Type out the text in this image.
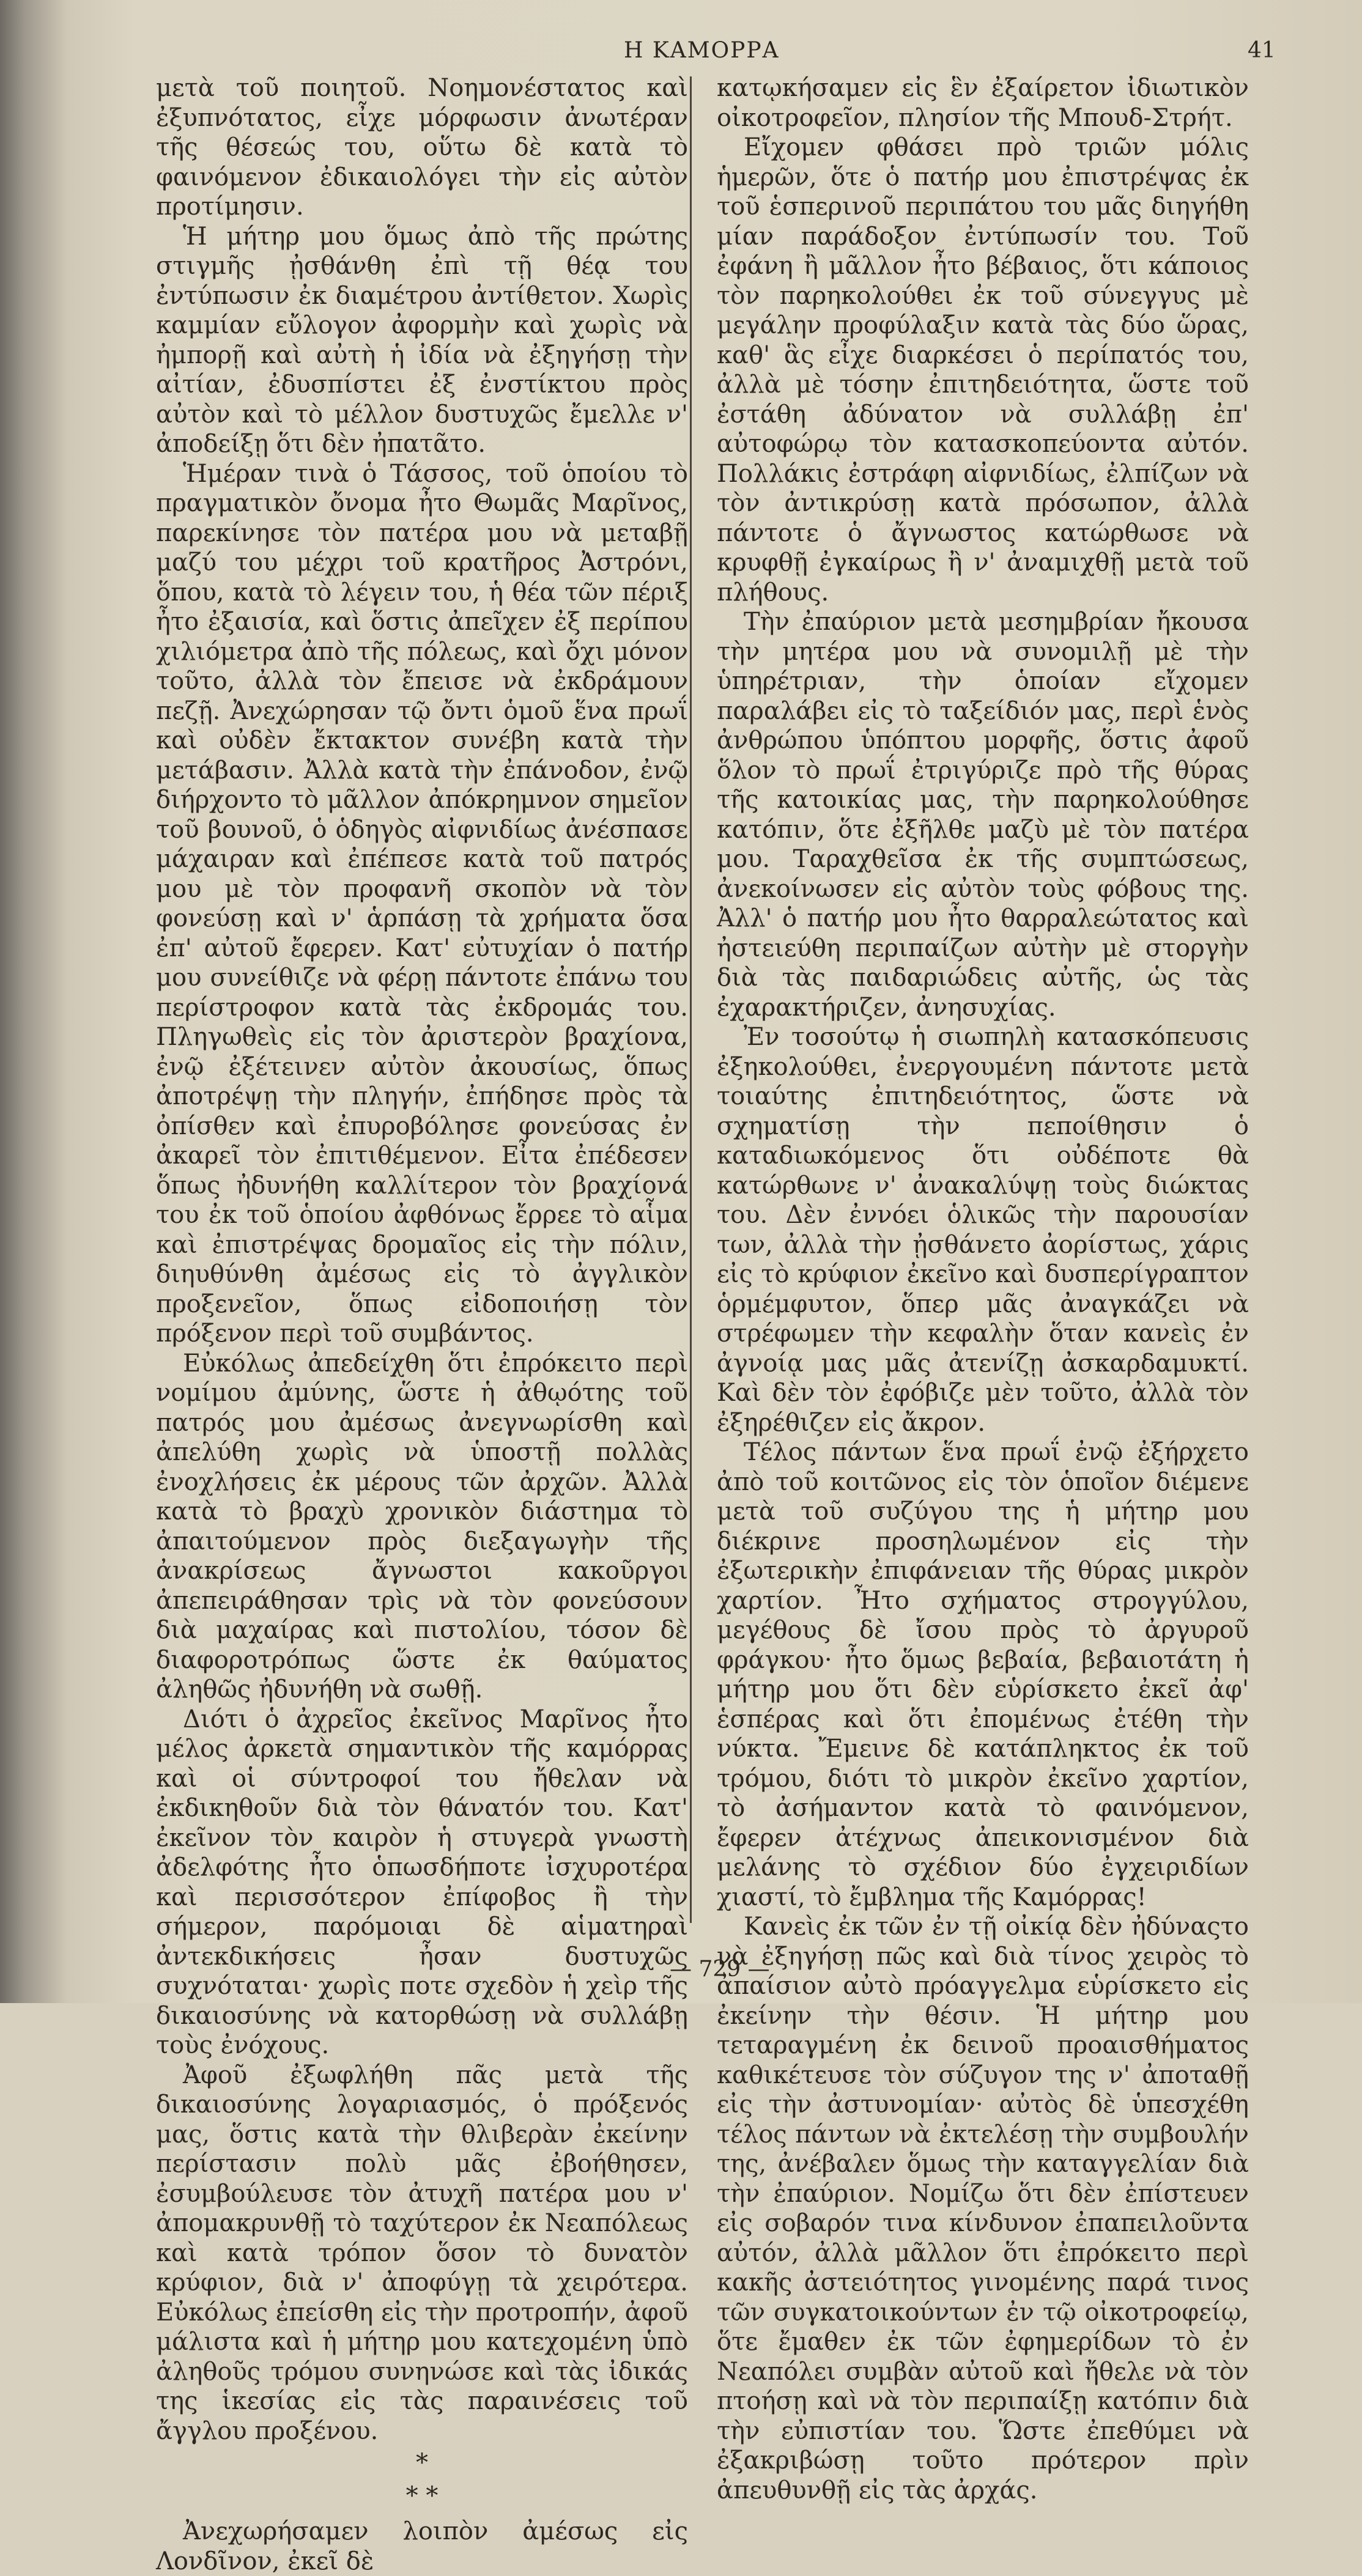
Η ΚΑΜΟΡΡΑ	41

μετὰ τοῦ ποιητοῦ. Νοημονέστατος καὶ ἐξυπνότατος, εἶχε μόρφωσιν ἀνωτέραν τῆς θέσεώς του, οὕτω δὲ κατὰ τὸ φαινόμενον ἐδικαιολόγει τὴν εἰς αὐτὸν προτίμησιν.

Ἡ μήτηρ μου ὅμως ἀπὸ τῆς πρώτης στιγμῆς ᾐσθάνθη ἐπὶ τῇ θέᾳ του ἐντύπωσιν ἐκ διαμέτρου ἀντίθετον. Χωρὶς καμμίαν εὔλογον ἀφορμὴν καὶ χωρὶς νὰ ἠμπορῇ καὶ αὐτὴ ἡ ἰδία νὰ ἐξηγήσῃ τὴν αἰτίαν, ἐδυσπίστει ἐξ ἐνστίκτου πρὸς αὐτὸν καὶ τὸ μέλλον δυστυχῶς ἔμελλε ν' ἀποδείξῃ ὅτι δὲν ἠπατᾶτο.

Ἡμέραν τινὰ ὁ Τάσσος, τοῦ ὁποίου τὸ πραγματικὸν ὄνομα ἦτο Θωμᾶς Μαρῖνος, παρεκίνησε τὸν πατέρα μου νὰ μεταβῇ μαζύ του μέχρι τοῦ κρατῆρος Ἀστρόνι, ὅπου, κατὰ τὸ λέγειν του, ἡ θέα τῶν πέριξ ἦτο ἐξαισία, καὶ ὅστις ἀπεῖχεν ἐξ περίπου χιλιόμετρα ἀπὸ τῆς πόλεως, καὶ ὄχι μόνον τοῦτο, ἀλλὰ τὸν ἔπεισε νὰ ἐκδράμουν πεζῇ. Ἀνεχώρησαν τῷ ὄντι ὁμοῦ ἕνα πρωΐ καὶ οὐδὲν ἔκτακτον συνέβη κατὰ τὴν μετάβασιν. Ἀλλὰ κατὰ τὴν ἐπάνοδον, ἐνῷ διήρχοντο τὸ μᾶλλον ἀπόκρημνον σημεῖον τοῦ βουνοῦ, ὁ ὁδηγὸς αἰφνιδίως ἀνέσπασε μάχαιραν καὶ ἐπέπεσε κατὰ τοῦ πατρός μου μὲ τὸν προφανῆ σκοπὸν νὰ τὸν φονεύσῃ καὶ ν' ἁρπάσῃ τὰ χρήματα ὅσα ἐπ' αὐτοῦ ἔφερεν. Κατ' εὐτυχίαν ὁ πατήρ μου συνείθιζε νὰ φέρῃ πάντοτε ἐπάνω του περίστροφον κατὰ τὰς ἐκδρομάς του. Πληγωθεὶς εἰς τὸν ἀριστερὸν βραχίονα, ἐνῷ ἐξέτεινεν αὐτὸν ἀκουσίως, ὅπως ἀποτρέψῃ τὴν πληγήν, ἐπήδησε πρὸς τὰ ὀπίσθεν καὶ ἐπυροβόλησε φονεύσας ἐν ἀκαρεῖ τὸν ἐπιτιθέμενον. Εἶτα ἐπέδεσεν ὅπως ἠδυνήθη καλλίτερον τὸν βραχίονά του ἐκ τοῦ ὁποίου ἀφθόνως ἔρρεε τὸ αἷμα καὶ ἐπιστρέψας δρομαῖος εἰς τὴν πόλιν, διηυθύνθη ἀμέσως εἰς τὸ ἀγγλικὸν προξενεῖον, ὅπως εἰδοποιήσῃ τὸν πρόξενον περὶ τοῦ συμβάντος.

Εὐκόλως ἀπεδείχθη ὅτι ἐπρόκειτο περὶ νομίμου ἀμύνης, ὥστε ἡ ἀθῳότης τοῦ πατρός μου ἀμέσως ἀνεγνωρίσθη καὶ ἀπελύθη χωρὶς νὰ ὑποστῇ πολλὰς ἐνοχλήσεις ἐκ μέρους τῶν ἀρχῶν. Ἀλλὰ κατὰ τὸ βραχὺ χρονικὸν διάστημα τὸ ἀπαιτούμενον πρὸς διεξαγωγὴν τῆς ἀνακρίσεως ἄγνωστοι κακοῦργοι ἀπεπειράθησαν τρὶς νὰ τὸν φονεύσουν διὰ μαχαίρας καὶ πιστολίου, τόσον δὲ διαφοροτρόπως ὥστε ἐκ θαύματος ἀληθῶς ἠδυνήθη νὰ σωθῇ.

Διότι ὁ ἀχρεῖος ἐκεῖνος Μαρῖνος ἦτο μέλος ἀρκετὰ σημαντικὸν τῆς καμόρρας καὶ οἱ σύντροφοί του ἤθελαν νὰ ἐκδικηθοῦν διὰ τὸν θάνατόν του. Κατ' ἐκεῖνον τὸν καιρὸν ἡ στυγερὰ γνωστὴ ἀδελφότης ἦτο ὁπωσδήποτε ἰσχυροτέρα καὶ περισσότερον ἐπίφοβος ἢ τὴν σήμερον, παρόμοιαι δὲ αἱματηραὶ ἀντεκδικήσεις ἦσαν δυστυχῶς συχνόταται· χωρὶς ποτε σχεδὸν ἡ χεὶρ τῆς δικαιοσύνης νὰ κατορθώσῃ νὰ συλλάβῃ τοὺς ἐνόχους.

Ἀφοῦ ἐξωφλήθη πᾶς μετὰ τῆς δικαιοσύνης λογαριασμός, ὁ πρόξενός μας, ὅστις κατὰ τὴν θλιβερὰν ἐκείνην περίστασιν πολὺ μᾶς ἐβοήθησεν, ἐσυμβούλευσε τὸν ἀτυχῆ πατέρα μου ν' ἀπομακρυνθῇ τὸ ταχύτερον ἐκ Νεαπόλεως καὶ κατὰ τρόπον ὅσον τὸ δυνατὸν κρύφιον, διὰ ν' ἀποφύγῃ τὰ χειρότερα. Εὐκόλως ἐπείσθη εἰς τὴν προτροπήν, ἀφοῦ μάλιστα καὶ ἡ μήτηρ μου κατεχομένη ὑπὸ ἀληθοῦς τρόμου συνηνώσε καὶ τὰς ἰδικάς της ἱκεσίας εἰς τὰς παραινέσεις τοῦ ἄγγλου προξένου.

*

* *

Ἀνεχωρήσαμεν λοιπὸν ἀμέσως εἰς Λονδῖνον, ἐκεῖ δὲ

κατῳκήσαμεν εἰς ἓν ἐξαίρετον ἰδιωτικὸν οἰκοτροφεῖον, πλησίον τῆς Μπουδ-Στρήτ.

Εἴχομεν φθάσει πρὸ τριῶν μόλις ἡμερῶν, ὅτε ὁ πατήρ μου ἐπιστρέψας ἐκ τοῦ ἑσπερινοῦ περιπάτου του μᾶς διηγήθη μίαν παράδοξον ἐντύπωσίν του. Τοῦ ἐφάνη ἢ μᾶλλον ἦτο βέβαιος, ὅτι κάποιος τὸν παρηκολούθει ἐκ τοῦ σύνεγγυς μὲ μεγάλην προφύλαξιν κατὰ τὰς δύο ὥρας, καθ' ἃς εἶχε διαρκέσει ὁ περίπατός του, ἀλλὰ μὲ τόσην ἐπιτηδειότητα, ὥστε τοῦ ἐστάθη ἀδύνατον νὰ συλλάβῃ ἐπ' αὐτοφώρῳ τὸν κατασκοπεύοντα αὐτόν. Πολλάκις ἐστράφη αἰφνιδίως, ἐλπίζων νὰ τὸν ἀντικρύσῃ κατὰ πρόσωπον, ἀλλὰ πάντοτε ὁ ἄγνωστος κατώρθωσε νὰ κρυφθῇ ἐγκαίρως ἢ ν' ἀναμιχθῇ μετὰ τοῦ πλήθους.

Τὴν ἐπαύριον μετὰ μεσημβρίαν ἤκουσα τὴν μητέρα μου νὰ συνομιλῇ μὲ τὴν ὑπηρέτριαν, τὴν ὁποίαν εἴχομεν παραλάβει εἰς τὸ ταξείδιόν μας, περὶ ἑνὸς ἀνθρώπου ὑπόπτου μορφῆς, ὅστις ἀφοῦ ὅλον τὸ πρωΐ ἐτριγύριζε πρὸ τῆς θύρας τῆς κατοικίας μας, τὴν παρηκολούθησε κατόπιν, ὅτε ἐξῆλθε μαζὺ μὲ τὸν πατέρα μου. Ταραχθεῖσα ἐκ τῆς συμπτώσεως, ἀνεκοίνωσεν εἰς αὐτὸν τοὺς φόβους της. Ἀλλ' ὁ πατήρ μου ἦτο θαρραλεώτατος καὶ ἠστειεύθη περιπαίζων αὐτὴν μὲ στοργὴν διὰ τὰς παιδαριώδεις αὐτῆς, ὡς τὰς ἐχαρακτήριζεν, ἀνησυχίας.

Ἐν τοσούτῳ ἡ σιωπηλὴ κατασκόπευσις ἐξηκολούθει, ἐνεργουμένη πάντοτε μετὰ τοιαύτης ἐπιτηδειότητος, ὥστε νὰ σχηματίσῃ τὴν πεποίθησιν ὁ καταδιωκόμενος ὅτι οὐδέποτε θὰ κατώρθωνε ν' ἀνακαλύψῃ τοὺς διώκτας του. Δὲν ἐννόει ὁλικῶς τὴν παρουσίαν των, ἀλλὰ τὴν ᾐσθάνετο ἀορίστως, χάρις εἰς τὸ κρύφιον ἐκεῖνο καὶ δυσπερίγραπτον ὁρμέμφυτον, ὅπερ μᾶς ἀναγκάζει νὰ στρέφωμεν τὴν κεφαλὴν ὅταν κανεὶς ἐν ἀγνοίᾳ μας μᾶς ἀτενίζῃ ἀσκαρδαμυκτί. Καὶ δὲν τὸν ἐφόβιζε μὲν τοῦτο, ἀλλὰ τὸν ἐξηρέθιζεν εἰς ἄκρον.

Τέλος πάντων ἕνα πρωΐ ἐνῷ ἐξήρχετο ἀπὸ τοῦ κοιτῶνος εἰς τὸν ὁποῖον διέμενε μετὰ τοῦ συζύγου της ἡ μήτηρ μου διέκρινε προσηλωμένον εἰς τὴν ἐξωτερικὴν ἐπιφάνειαν τῆς θύρας μικρὸν χαρτίον. Ἦτο σχήματος στρογγύλου, μεγέθους δὲ ἴσου πρὸς τὸ ἀργυροῦ φράγκου· ἦτο ὅμως βεβαία, βεβαιοτάτη ἡ μήτηρ μου ὅτι δὲν εὑρίσκετο ἐκεῖ ἀφ' ἑσπέρας καὶ ὅτι ἐπομένως ἐτέθη τὴν νύκτα. Ἔμεινε δὲ κατάπληκτος ἐκ τοῦ τρόμου, διότι τὸ μικρὸν ἐκεῖνο χαρτίον, τὸ ἀσήμαντον κατὰ τὸ φαινόμενον, ἔφερεν ἀτέχνως ἀπεικονισμένον διὰ μελάνης τὸ σχέδιον δύο ἐγχειριδίων χιαστί, τὸ ἔμβλημα τῆς Καμόρρας!

Κανεὶς ἐκ τῶν ἐν τῇ οἰκίᾳ δὲν ἠδύναςτο νὰ ἐξηγήσῃ πῶς καὶ διὰ τίνος χειρὸς τὸ ἀπαίσιον αὐτὸ πρόαγγελμα εὑρίσκετο εἰς ἐκείνην τὴν θέσιν. Ἡ μήτηρ μου τεταραγμένη ἐκ δεινοῦ προαισθήματος καθικέτευσε τὸν σύζυγον της ν' ἀποταθῇ εἰς τὴν ἀστυνομίαν· αὐτὸς δὲ ὑπεσχέθη τέλος πάντων νὰ ἐκτελέσῃ τὴν συμβουλήν της, ἀνέβαλεν ὅμως τὴν καταγγελίαν διὰ τὴν ἐπαύριον. Νομίζω ὅτι δὲν ἐπίστευεν εἰς σοβαρόν τινα κίνδυνον ἐπαπειλοῦντα αὐτόν, ἀλλὰ μᾶλλον ὅτι ἐπρόκειτο περὶ κακῆς ἀστειότητος γινομένης παρά τινος τῶν συγκατοικούντων ἐν τῷ οἰκοτροφείῳ, ὅτε ἔμαθεν ἐκ τῶν ἐφημερίδων τὸ ἐν Νεαπόλει συμβὰν αὐτοῦ καὶ ἤθελε νὰ τὸν πτοήσῃ καὶ νὰ τὸν περιπαίξῃ κατόπιν διὰ τὴν εὐπιστίαν του. Ὥστε ἐπεθύμει νὰ ἐξακριβώσῃ τοῦτο πρότερον πρὶν ἀπευθυνθῇ εἰς τὰς ἀρχάς.

— 729 —
